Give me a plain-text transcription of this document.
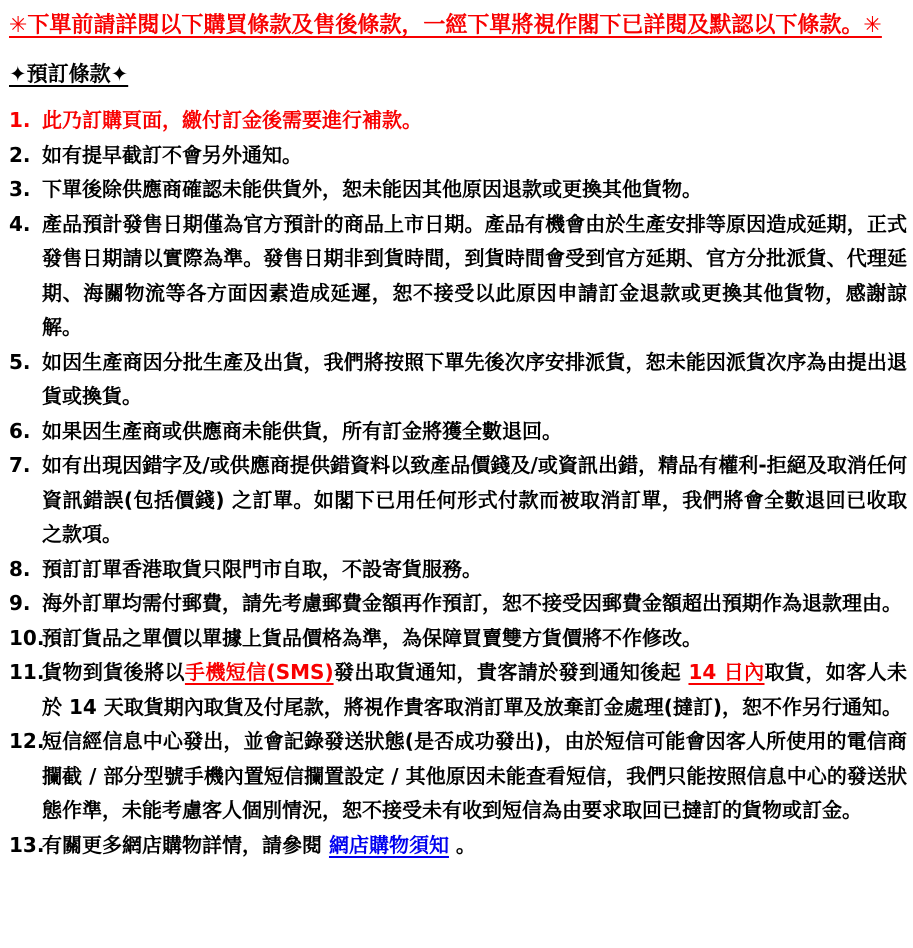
✳下單前請詳閱以下購買條款及售後條款，一經下單將視作閣下已詳閱及默認以下條款。✳

✦預訂條款✦

1. 此乃訂購頁面，繳付訂金後需要進行補款。
2. 如有提早截訂不會另外通知。
3. 下單後除供應商確認未能供貨外，恕未能因其他原因退款或更換其他貨物。
4. 產品預計發售日期僅為官方預計的商品上市日期。產品有機會由於生產安排等原因造成延期，正式發售日期請以實際為準。發售日期非到貨時間，到貨時間會受到官方延期、官方分批派貨、代理延期、海關物流等各方面因素造成延遲，恕不接受以此原因申請訂金退款或更換其他貨物，感謝諒解。
5. 如因生產商因分批生產及出貨，我們將按照下單先後次序安排派貨，恕未能因派貨次序為由提出退貨或換貨。
6. 如果因生產商或供應商未能供貨，所有訂金將獲全數退回。
7. 如有出現因錯字及/或供應商提供錯資料以致產品價錢及/或資訊出錯，精品有權利-拒絕及取消任何資訊錯誤(包括價錢) 之訂單。如閣下已用任何形式付款而被取消訂單，我們將會全數退回已收取之款項。
8. 預訂訂單香港取貨只限門市自取，不設寄貨服務。
9. 海外訂單均需付郵費，請先考慮郵費金額再作預訂，恕不接受因郵費金額超出預期作為退款理由。
10.
預訂貨品之單價以單據上貨品價格為準，為保障買賣雙方貨價將不作修改。
11.
貨物到貨後將以手機短信(SMS)發出取貨通知，貴客請於發到通知後起 14 日內取貨，如客人未於 14 天取貨期內取貨及付尾款，將視作貴客取消訂單及放棄訂金處理(撻訂)，恕不作另行通知。
12.
短信經信息中心發出，並會記錄發送狀態(是否成功發出)，由於短信可能會因客人所使用的電信商攔截 / 部分型號手機內置短信攔置設定 / 其他原因未能查看短信，我們只能按照信息中心的發送狀態作準，未能考慮客人個別情況，恕不接受未有收到短信為由要求取回已撻訂的貨物或訂金。
13.
有關更多網店購物詳情，請參閱 網店購物須知 。
